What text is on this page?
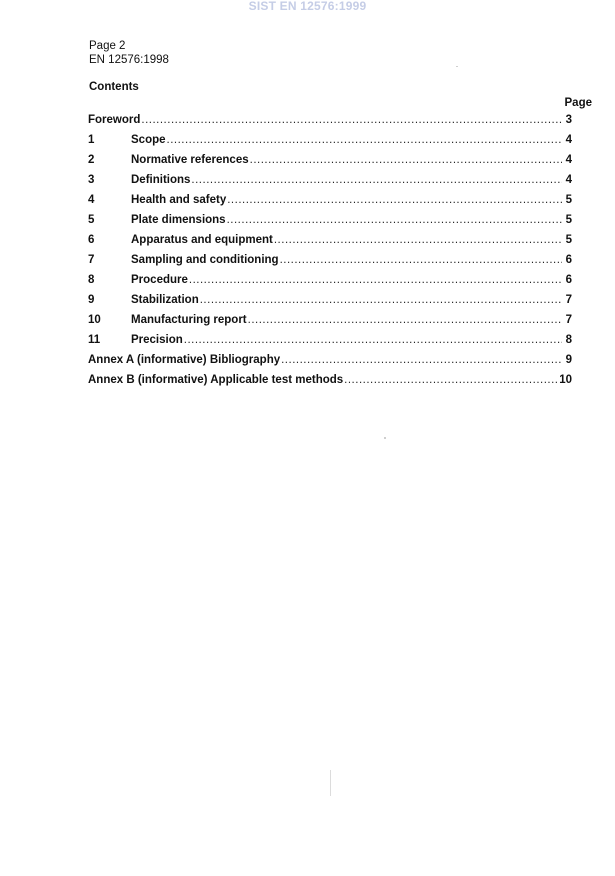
SIST EN 12576:1999
Page 2
EN 12576:1998
Contents
Page
Foreword .....	3
1	Scope .....	4
2	Normative references .....	4
3	Definitions .....	4
4	Health and safety .....	5
5	Plate dimensions .....	5
6	Apparatus and equipment .....	5
7	Sampling and conditioning .....	6
8	Procedure .....	6
9	Stabilization .....	7
10	Manufacturing report .....	7
11	Precision .....	8
Annex A (informative) Bibliography .....	9
Annex B (informative) Applicable test methods .....	10
